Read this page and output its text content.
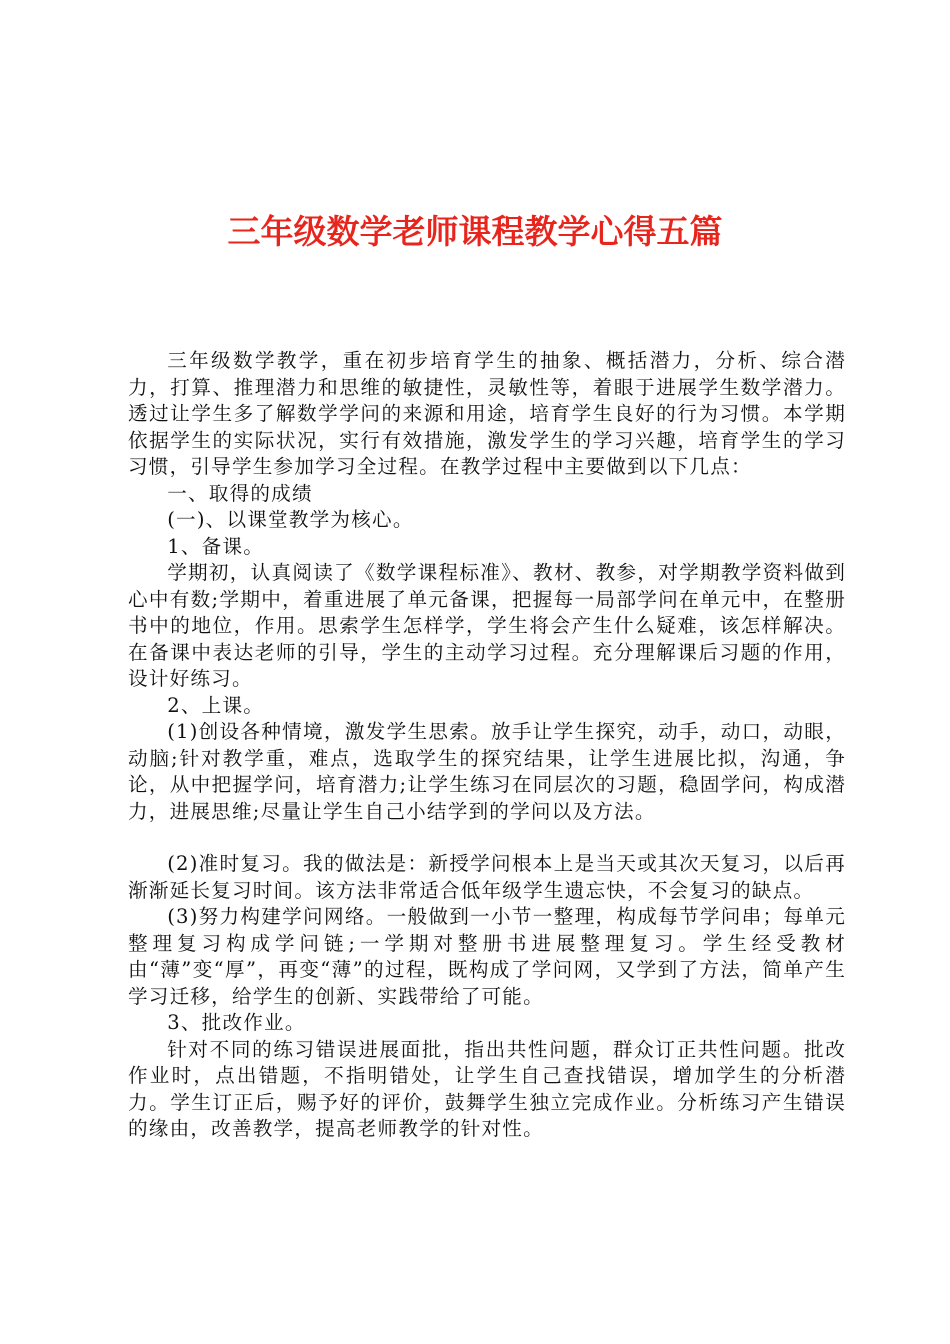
三年级数学老师课程教学心得五篇

三年级数学教学，重在初步培育学生的抽象、概括潜力，分析、综合潜力，打算、推理潜力和思维的敏捷性，灵敏性等，着眼于进展学生数学潜力。透过让学生多了解数学学问的来源和用途，培育学生良好的行为习惯。本学期依据学生的实际状况，实行有效措施，激发学生的学习兴趣，培育学生的学习习惯，引导学生参加学习全过程。在教学过程中主要做到以下几点：

一、取得的成绩

(一)、以课堂教学为核心。

1、备课。

学期初，认真阅读了《数学课程标准》、教材、教参，对学期教学资料做到心中有数;学期中，着重进展了单元备课，把握每一局部学问在单元中，在整册书中的地位，作用。思索学生怎样学，学生将会产生什么疑难，该怎样解决。在备课中表达老师的引导，学生的主动学习过程。充分理解课后习题的作用，设计好练习。

2、上课。

(1)创设各种情境，激发学生思索。放手让学生探究，动手，动口，动眼，动脑;针对教学重，难点，选取学生的探究结果，让学生进展比拟，沟通，争论，从中把握学问，培育潜力;让学生练习在同层次的习题，稳固学问，构成潜力，进展思维;尽量让学生自己小结学到的学问以及方法。

(2)准时复习。我的做法是：新授学问根本上是当天或其次天复习，以后再渐渐延长复习时间。该方法非常适合低年级学生遗忘快，不会复习的缺点。

(3)努力构建学问网络。一般做到一小节一整理，构成每节学问串；每单元整理复习构成学问链;一学期对整册书进展整理复习。学生经受教材由“薄”变“厚”，再变“薄”的过程，既构成了学问网，又学到了方法，简单产生学习迁移，给学生的创新、实践带给了可能。

3、批改作业。

针对不同的练习错误进展面批，指出共性问题，群众订正共性问题。批改作业时，点出错题，不指明错处，让学生自己查找错误，增加学生的分析潜力。学生订正后，赐予好的评价，鼓舞学生独立完成作业。分析练习产生错误的缘由，改善教学，提高老师教学的针对性。
